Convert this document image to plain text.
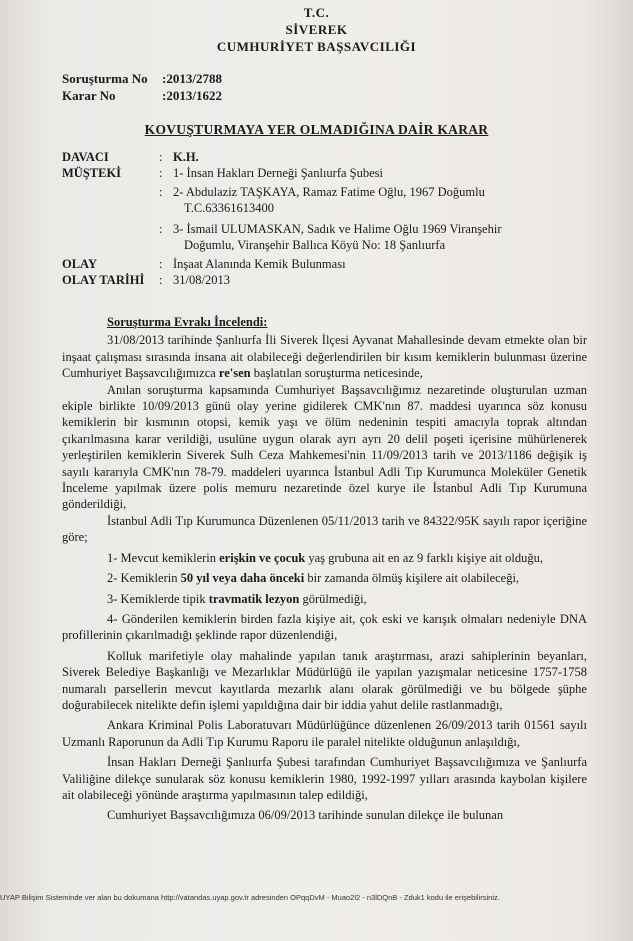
T.C.
SİVEREK
CUMHURİYET BAŞSAVCILIĞI
Soruşturma No	:2013/2788
Karar No	:2013/1622
KOVUŞTURMAYA YER OLMADIĞINA DAİR KARAR
DAVACI	: K.H.
MÜŞTEKİ	: 1- İnsan Hakları Derneği Şanlıurfa Şubesi
: 2- Abdulaziz TAŞKAYA, Ramaz Fatime Oğlu, 1967 Doğumlu
T.C.63361613400
: 3- İsmail ULUMASKAN, Sadık ve Halime Oğlu 1969 Viranşehir
Doğumlu, Viranşehir Ballıca Köyü No: 18 Şanlıurfa
OLAY	: İnşaat Alanında Kemik Bulunması
OLAY TARİHİ	: 31/08/2013
Soruşturma Evrakı İncelendi:

31/08/2013 tarihinde Şanlıurfa İli Siverek İlçesi Ayvanat Mahallesinde devam etmekte olan bir inşaat çalışması sırasında insana ait olabileceği değerlendirilen bir kısım kemiklerin bulunması üzerine Cumhuriyet Başsavcılığımızca re'sen başlatılan soruşturma neticesinde,

Anılan soruşturma kapsamında Cumhuriyet Başsavcılığımız nezaretinde oluşturulan uzman ekiple birlikte 10/09/2013 günü olay yerine gidilerek CMK'nın 87. maddesi uyarınca söz konusu kemiklerin bir kısmının otopsi, kemik yaşı ve ölüm nedeninin tespiti amacıyla toprak altından çıkarılmasına karar verildiği, usulüne uygun olarak ayrı ayrı 20 delil poşeti içerisine mühürlenerek yerleştirilen kemiklerin Siverek Sulh Ceza Mahkemesi'nin 11/09/2013 tarih ve 2013/1186 değişik iş sayılı kararıyla CMK'nın 78-79. maddeleri uyarınca İstanbul Adli Tıp Kurumunca Moleküler Genetik İnceleme yapılmak üzere polis memuru nezaretinde özel kurye ile İstanbul Adli Tıp Kurumuna gönderildiği,

İstanbul Adli Tıp Kurumunca Düzenlenen 05/11/2013 tarih ve 84322/95K sayılı rapor içeriğine göre;

1- Mevcut kemiklerin erişkin ve çocuk yaş grubuna ait en az 9 farklı kişiye ait olduğu,

2- Kemiklerin 50 yıl veya daha önceki bir zamanda ölmüş kişilere ait olabileceği,

3- Kemiklerde tipik travmatik lezyon görülmediği,

4- Gönderilen kemiklerin birden fazla kişiye ait, çok eski ve karışık olmaları nedeniyle DNA profillerinin çıkarılmadığı şeklinde rapor düzenlendiği,

Kolluk marifetiyle olay mahalinde yapılan tanık araştırması, arazi sahiplerinin beyanları, Siverek Belediye Başkanlığı ve Mezarlıklar Müdürlüğü ile yapılan yazışmalar neticesine 1757-1758 numaralı parsellerin mevcut kayıtlarda mezarlık alanı olarak görülmediği ve bu bölgede şüphe doğurabilecek nitelikte defin işlemi yapıldığına dair bir iddia yahut delile rastlanmadığı,

Ankara Kriminal Polis Laboratuvarı Müdürlüğünce düzenlenen 26/09/2013 tarih 01561 sayılı Uzmanlı Raporunun da Adli Tıp Kurumu Raporu ile paralel nitelikte olduğunun anlaşıldığı,

İnsan Hakları Derneği Şanlıurfa Şubesi tarafından Cumhuriyet Başsavcılığımıza ve Şanlıurfa Valiliğine dilekçe sunularak söz konusu kemiklerin 1980, 1992-1997 yılları arasında kaybolan kişilere ait olabileceği yönünde araştırma yapılmasının talep edildiği,

Cumhuriyet Başsavcılığımıza 06/09/2013 tarihinde sunulan dilekçe ile bulunan

UYAP Bilişim Sisteminde ver alan bu dokumana http://vatandas.uyap.gov.tr adresinden OPqqDvM - Muao2l2 - n3lDQnB - Zduk1 kodu ile erişebilirsiniz.
